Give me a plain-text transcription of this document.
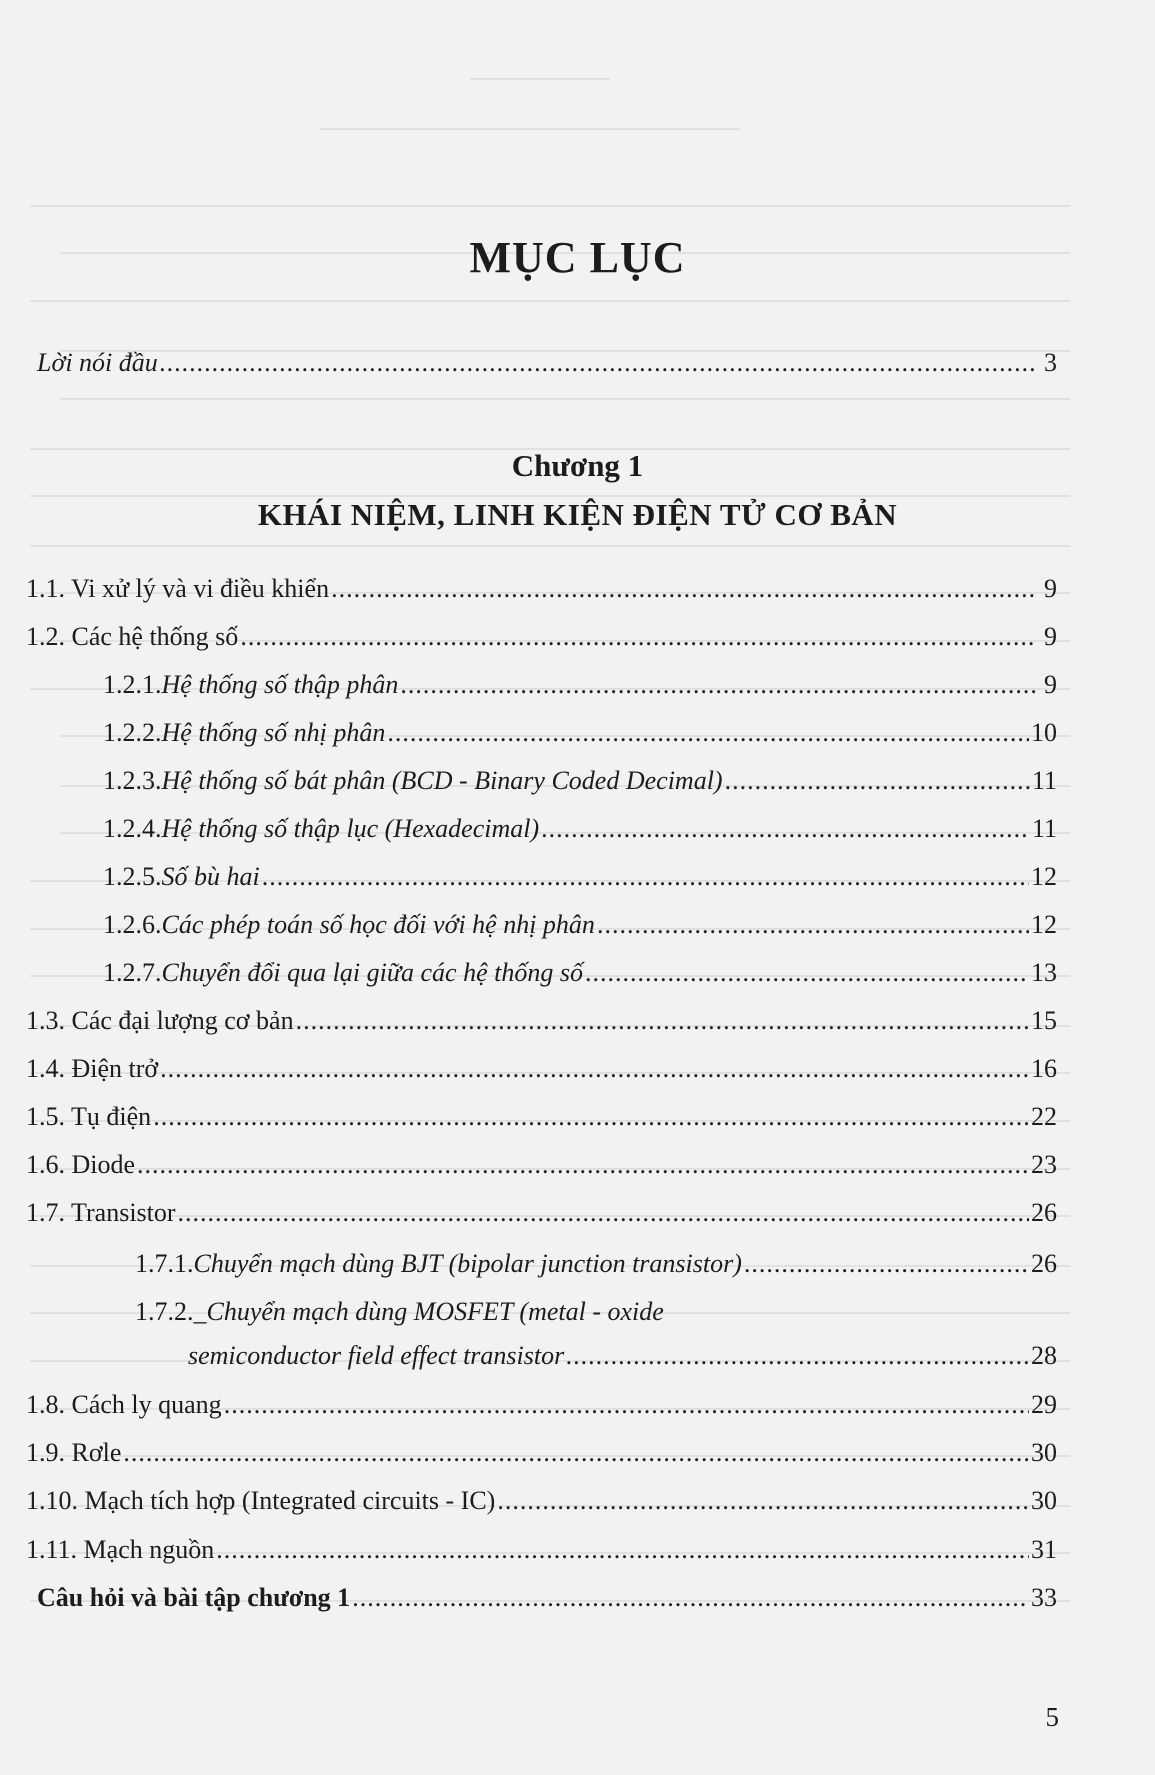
MỤC LỤC
Lời nói đầu .....	3
Chương 1
KHÁI NIỆM, LINH KIỆN ĐIỆN TỬ CƠ BẢN
1.1. Vi xử lý và vi điều khiển .....	9
1.2. Các hệ thống số .....	9
1.2.1. Hệ thống số thập phân .....	9
1.2.2. Hệ thống số nhị phân .....	10
1.2.3. Hệ thống số bát phân (BCD - Binary Coded Decimal) .....	11
1.2.4. Hệ thống số thập lục (Hexadecimal) .....	11
1.2.5. Số bù hai .....	12
1.2.6. Các phép toán số học đối với hệ nhị phân .....	12
1.2.7. Chuyển đổi qua lại giữa các hệ thống số .....	13
1.3. Các đại lượng cơ bản .....	15
1.4. Điện trở .....	16
1.5. Tụ điện .....	22
1.6. Diode .....	23
1.7. Transistor .....	26
1.7.1. Chuyển mạch dùng BJT (bipolar junction transistor) .....	26
1.7.2. _Chuyển mạch dùng MOSFET (metal - oxide
semiconductor field effect transistor .....	28
1.8. Cách ly quang .....	29
1.9. Rơle .....	30
1.10. Mạch tích hợp (Integrated circuits - IC) .....	30
1.11. Mạch nguồn .....	31
Câu hỏi và bài tập chương 1 .....	33
5
